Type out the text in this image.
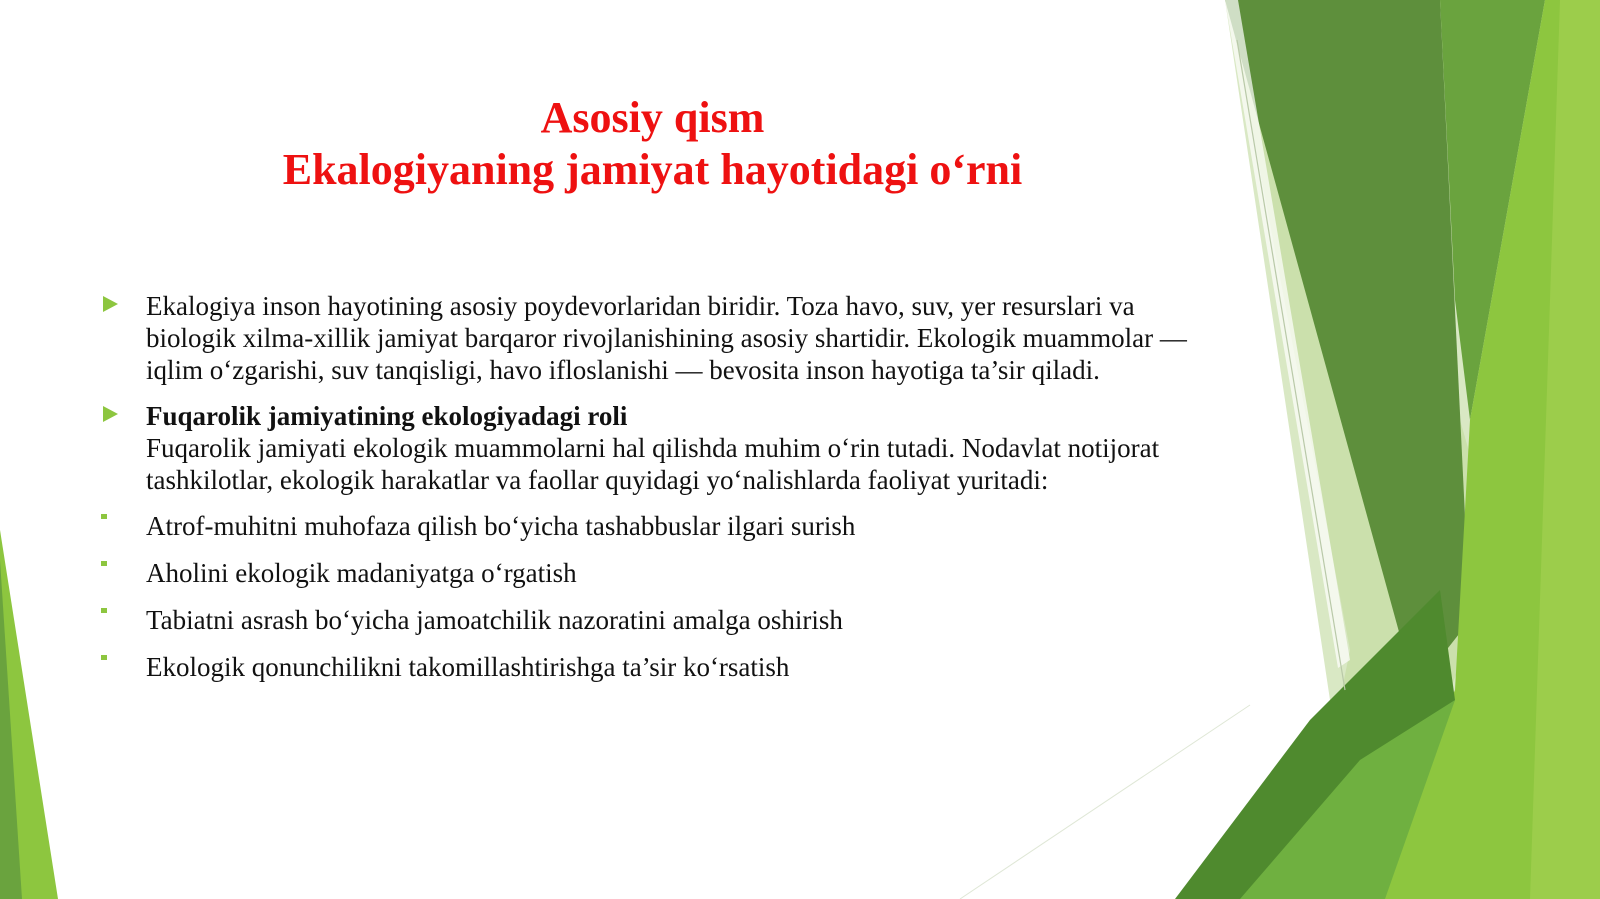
Asosiy qism
Ekalogiyaning jamiyat hayotidagi o‘rni
Ekalogiya inson hayotining asosiy poydevorlaridan biridir. Toza havo, suv, yer resurslari va biologik xilma-xillik jamiyat barqaror rivojlanishining asosiy shartidir. Ekologik muammolar — iqlim o‘zgarishi, suv tanqisligi, havo ifloslanishi — bevosita inson hayotiga ta’sir qiladi.
Fuqarolik jamiyatining ekologiyadagi roli
Fuqarolik jamiyati ekologik muammolarni hal qilishda muhim o‘rin tutadi. Nodavlat notijorat tashkilotlar, ekologik harakatlar va faollar quyidagi yo‘nalishlarda faoliyat yuritadi:
Atrof-muhitni muhofaza qilish bo‘yicha tashabbuslar ilgari surish
Aholini ekologik madaniyatga o‘rgatish
Tabiatni asrash bo‘yicha jamoatchilik nazoratini amalga oshirish
Ekologik qonunchilikni takomillashtirishga ta’sir ko‘rsatish
